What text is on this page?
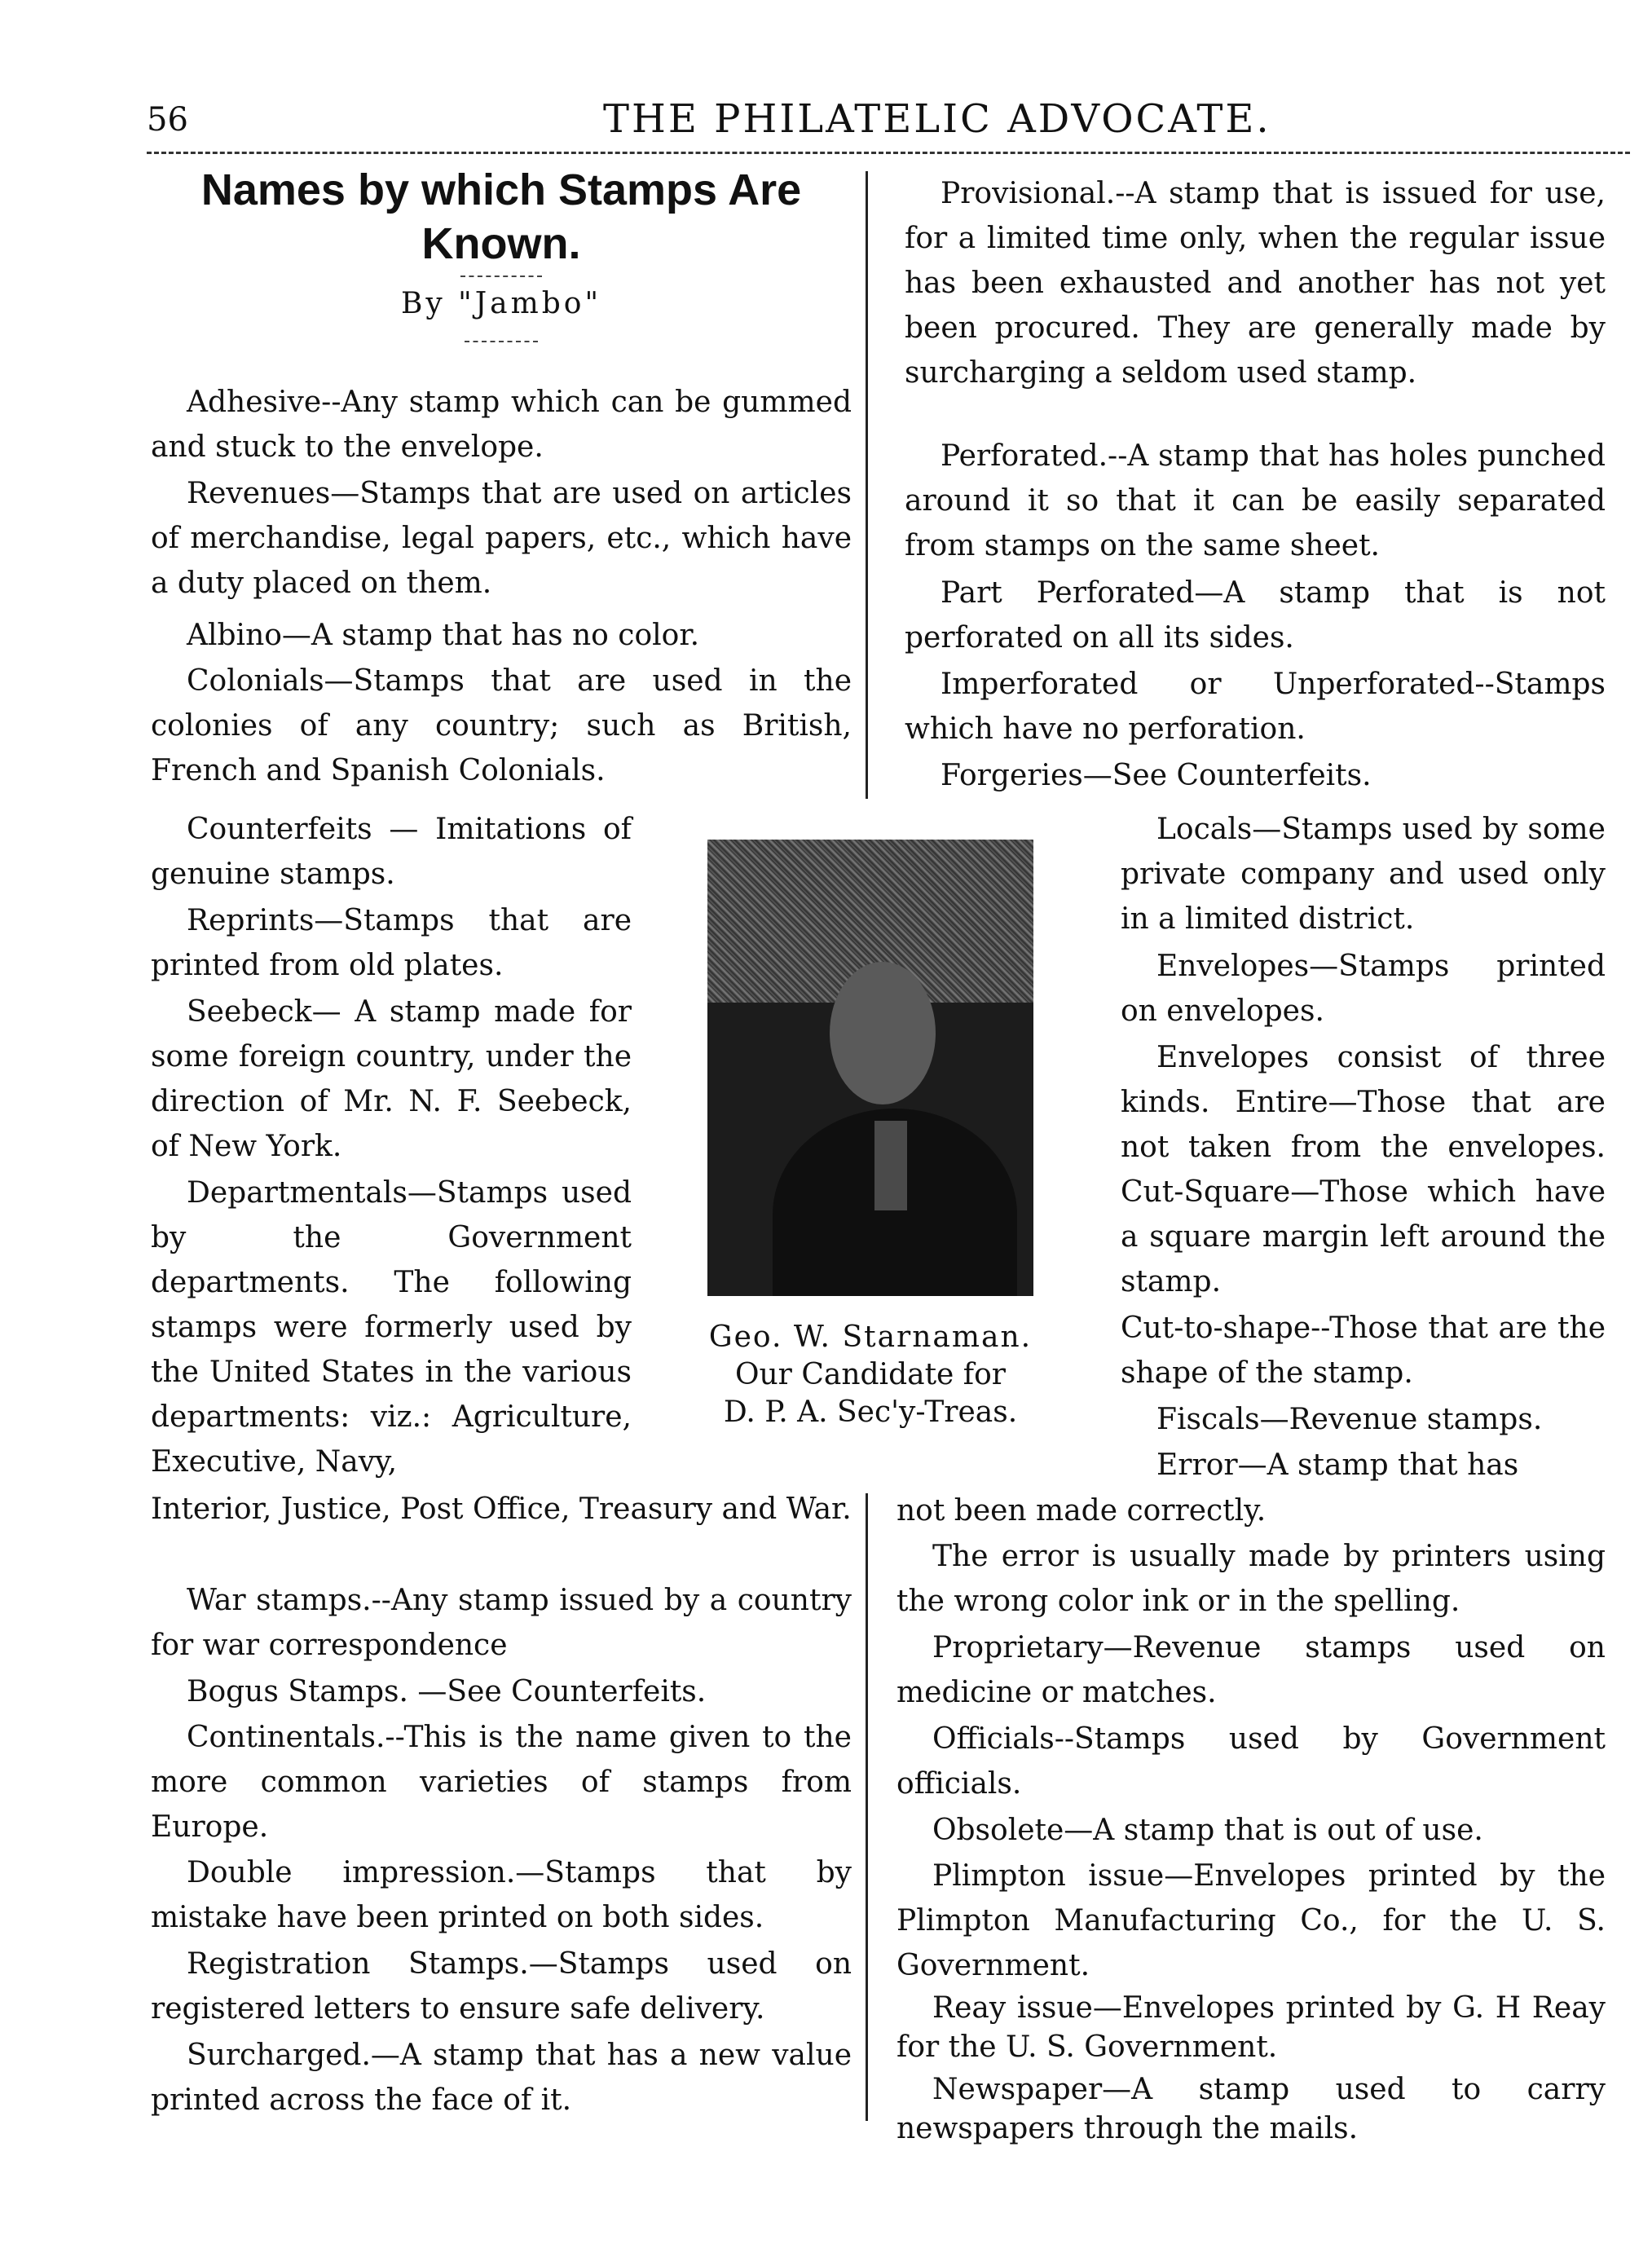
56	THE PHILATELIC ADVOCATE.
Names by which Stamps Are Known.
By "Jambo"

Adhesive--Any stamp which can be gummed and stuck to the envelope.

Revenues—Stamps that are used on articles of merchandise, legal papers, etc., which have a duty placed on them.

Albino—A stamp that has no color.

Colonials—Stamps that are used in the colonies of any country; such as British, French and Spanish Colonials.

Counterfeits — Imitations of genuine stamps.

Reprints—Stamps that are printed from old plates.

Seebeck— A stamp made for some foreign country, under the direction of Mr. N. F. Seebeck, of New York.

Departmentals—Stamps used by the Government departments. The following stamps were formerly used by the United States in the various departments: viz.: Agriculture, Executive, Navy,

Interior, Justice, Post Office, Treasury and War.

War stamps.--Any stamp issued by a country for war correspondence

Bogus Stamps. —See Counterfeits.

Continentals.--This is the name given to the more common varieties of stamps from Europe.

Double impression.—Stamps that by mistake have been printed on both sides.

Registration Stamps.—Stamps used on registered letters to ensure safe delivery.

Surcharged.—A stamp that has a new value printed across the face of it.

Provisional.--A stamp that is issued for use, for a limited time only, when the regular issue has been exhausted and another has not yet been procured. They are generally made by surcharging a seldom used stamp.

Perforated.--A stamp that has holes punched around it so that it can be easily separated from stamps on the same sheet.

Part Perforated—A stamp that is not perforated on all its sides.

Imperforated or Unperforated--Stamps which have no perforation.

Forgeries—See Counterfeits.

Locals—Stamps used by some private company and used only in a limited district.

Envelopes—Stamps printed on envelopes.

Envelopes consist of three kinds. Entire—Those that are not taken from the envelopes. Cut-Square—Those which have a square margin left around the stamp.

Cut-to-shape--Those that are the shape of the stamp.

Fiscals—Revenue stamps.

Error—A stamp that has

not been made correctly.

The error is usually made by printers using the wrong color ink or in the spelling.

Proprietary—Revenue stamps used on medicine or matches.

Officials--Stamps used by Government officials.

Obsolete—A stamp that is out of use.

Plimpton issue—Envelopes printed by the Plimpton Manufacturing Co., for the U. S. Government.

Reay issue—Envelopes printed by G. H Reay for the U. S. Government.

Newspaper—A stamp used to carry newspapers through the mails.

Geo. W. Starnaman.
Our Candidate for
D. P. A. Sec'y-Treas.
